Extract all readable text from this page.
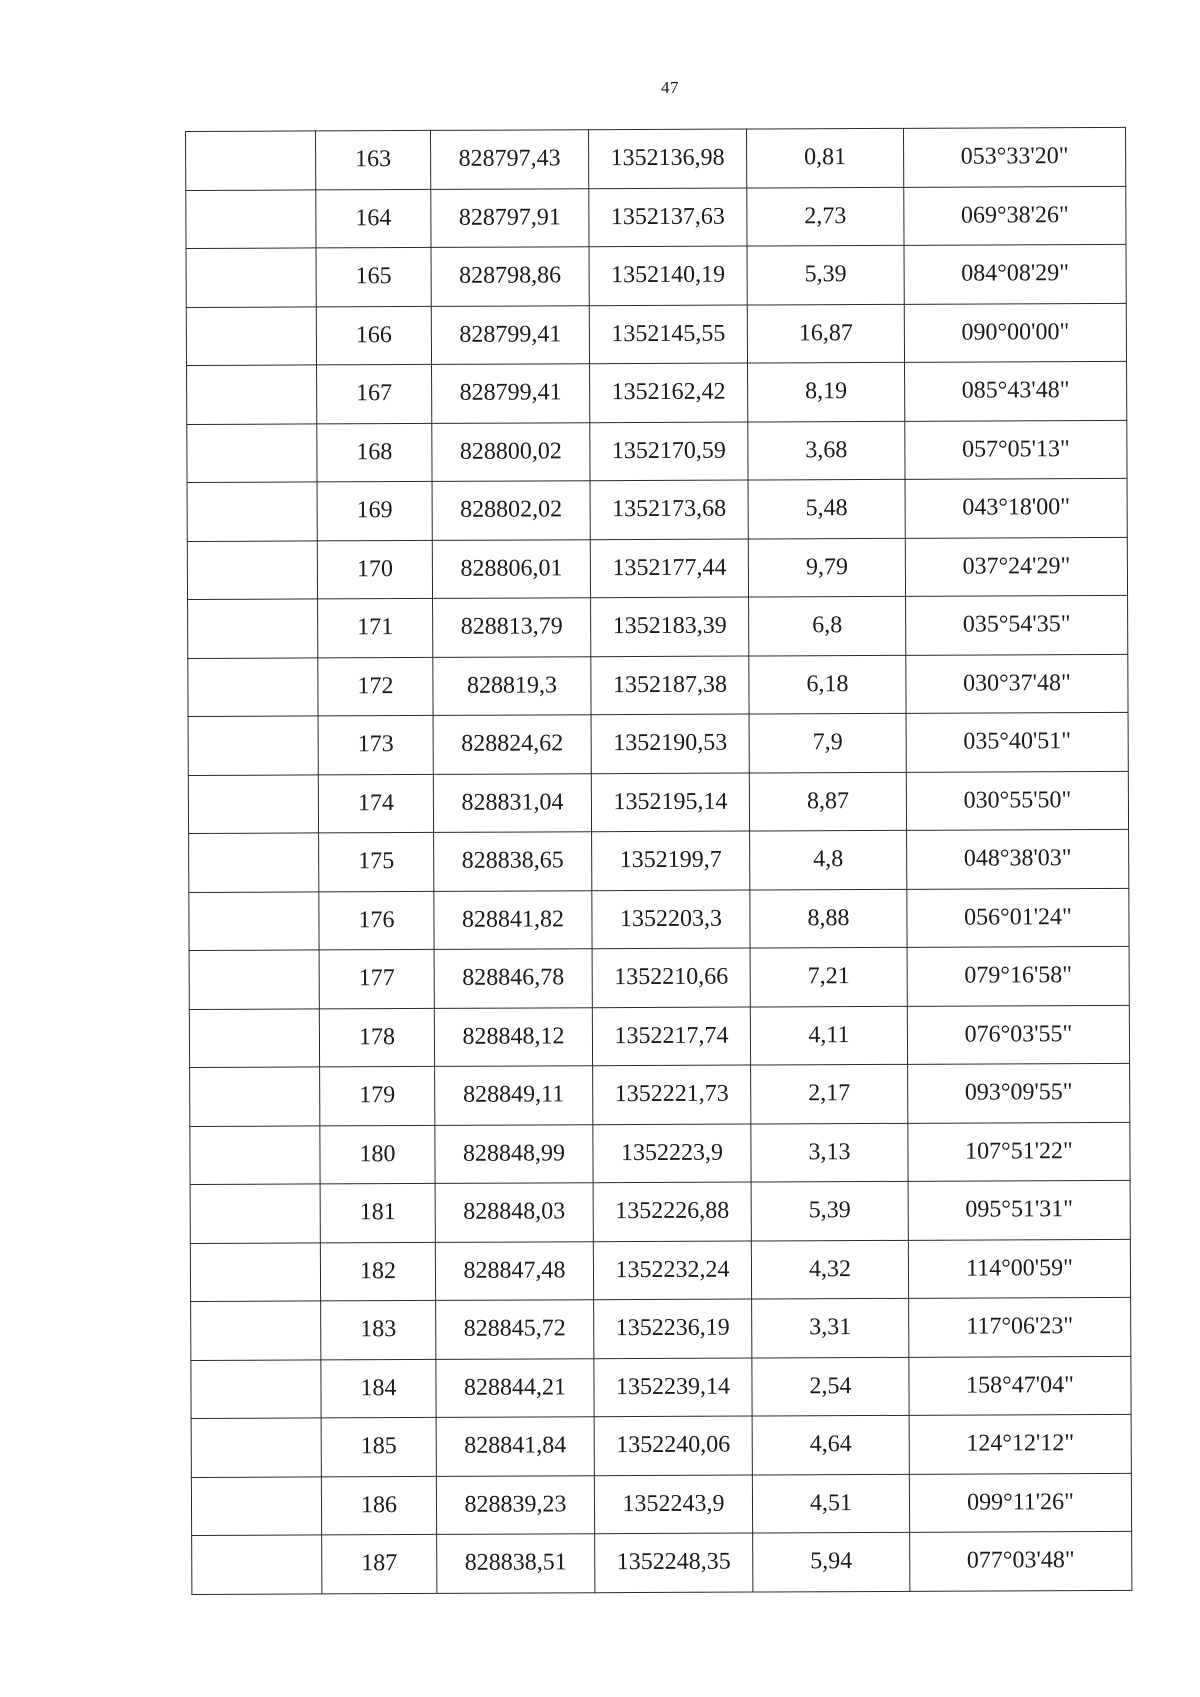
47
	163	828797,43	1352136,98	0,81	053°33'20"
	164	828797,91	1352137,63	2,73	069°38'26"
	165	828798,86	1352140,19	5,39	084°08'29"
	166	828799,41	1352145,55	16,87	090°00'00"
	167	828799,41	1352162,42	8,19	085°43'48"
	168	828800,02	1352170,59	3,68	057°05'13"
	169	828802,02	1352173,68	5,48	043°18'00"
	170	828806,01	1352177,44	9,79	037°24'29"
	171	828813,79	1352183,39	6,8	035°54'35"
	172	828819,3	1352187,38	6,18	030°37'48"
	173	828824,62	1352190,53	7,9	035°40'51"
	174	828831,04	1352195,14	8,87	030°55'50"
	175	828838,65	1352199,7	4,8	048°38'03"
	176	828841,82	1352203,3	8,88	056°01'24"
	177	828846,78	1352210,66	7,21	079°16'58"
	178	828848,12	1352217,74	4,11	076°03'55"
	179	828849,11	1352221,73	2,17	093°09'55"
	180	828848,99	1352223,9	3,13	107°51'22"
	181	828848,03	1352226,88	5,39	095°51'31"
	182	828847,48	1352232,24	4,32	114°00'59"
	183	828845,72	1352236,19	3,31	117°06'23"
	184	828844,21	1352239,14	2,54	158°47'04"
	185	828841,84	1352240,06	4,64	124°12'12"
	186	828839,23	1352243,9	4,51	099°11'26"
	187	828838,51	1352248,35	5,94	077°03'48"
